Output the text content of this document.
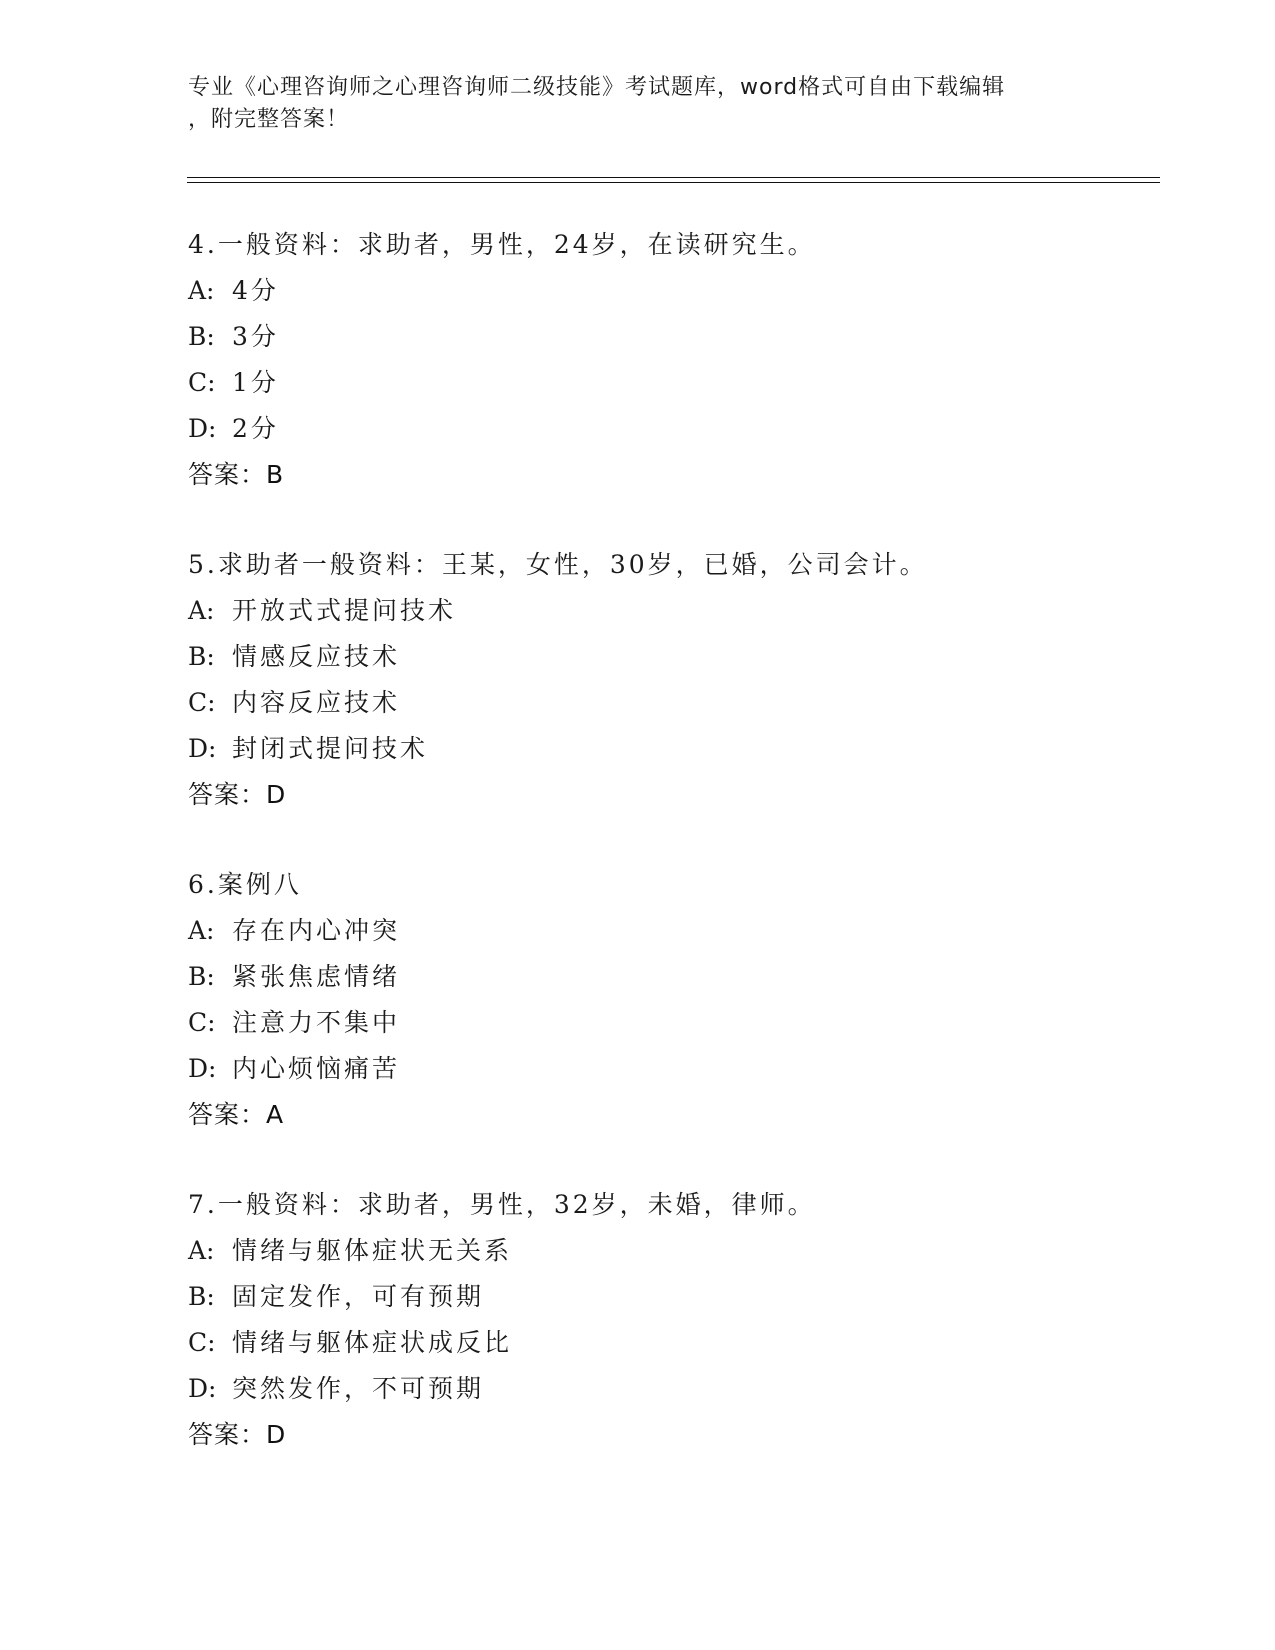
专业《心理咨询师之心理咨询师二级技能》考试题库，word格式可自由下载编辑
，附完整答案！
4.一般资料：求助者，男性，24岁，在读研究生。
A: 4分
B: 3分
C: 1分
D: 2分
答案：B
5.求助者一般资料：王某，女性，30岁，已婚，公司会计。
A: 开放式式提问技术
B: 情感反应技术
C: 内容反应技术
D: 封闭式提问技术
答案：D
6.案例八
A: 存在内心冲突
B: 紧张焦虑情绪
C: 注意力不集中
D: 内心烦恼痛苦
答案：A
7.一般资料：求助者，男性，32岁，未婚，律师。
A: 情绪与躯体症状无关系
B: 固定发作，可有预期
C: 情绪与躯体症状成反比
D: 突然发作，不可预期
答案：D
